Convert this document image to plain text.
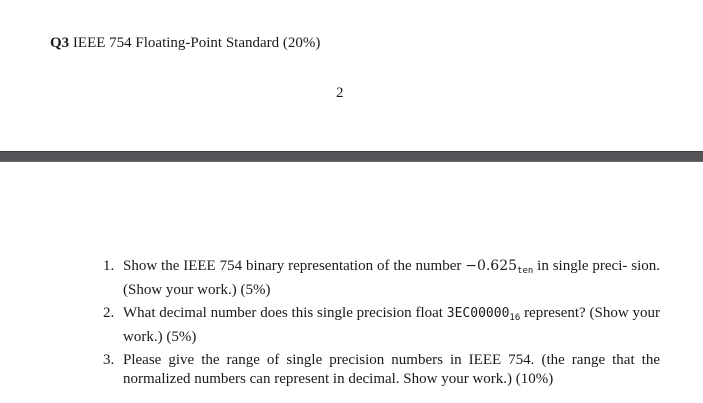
Q3 IEEE 754 Floating-Point Standard (20%)
2
1. Show the IEEE 754 binary representation of the number $-0.625_{ten}$ in single preci- sion. (Show your work.) (5%)
2. What decimal number does this single precision float $3EC00000_{16}$ represent? (Show your work.) (5%)
3. Please give the range of single precision numbers in IEEE 754. (the range that the normalized numbers can represent in decimal. Show your work.) (10%)
